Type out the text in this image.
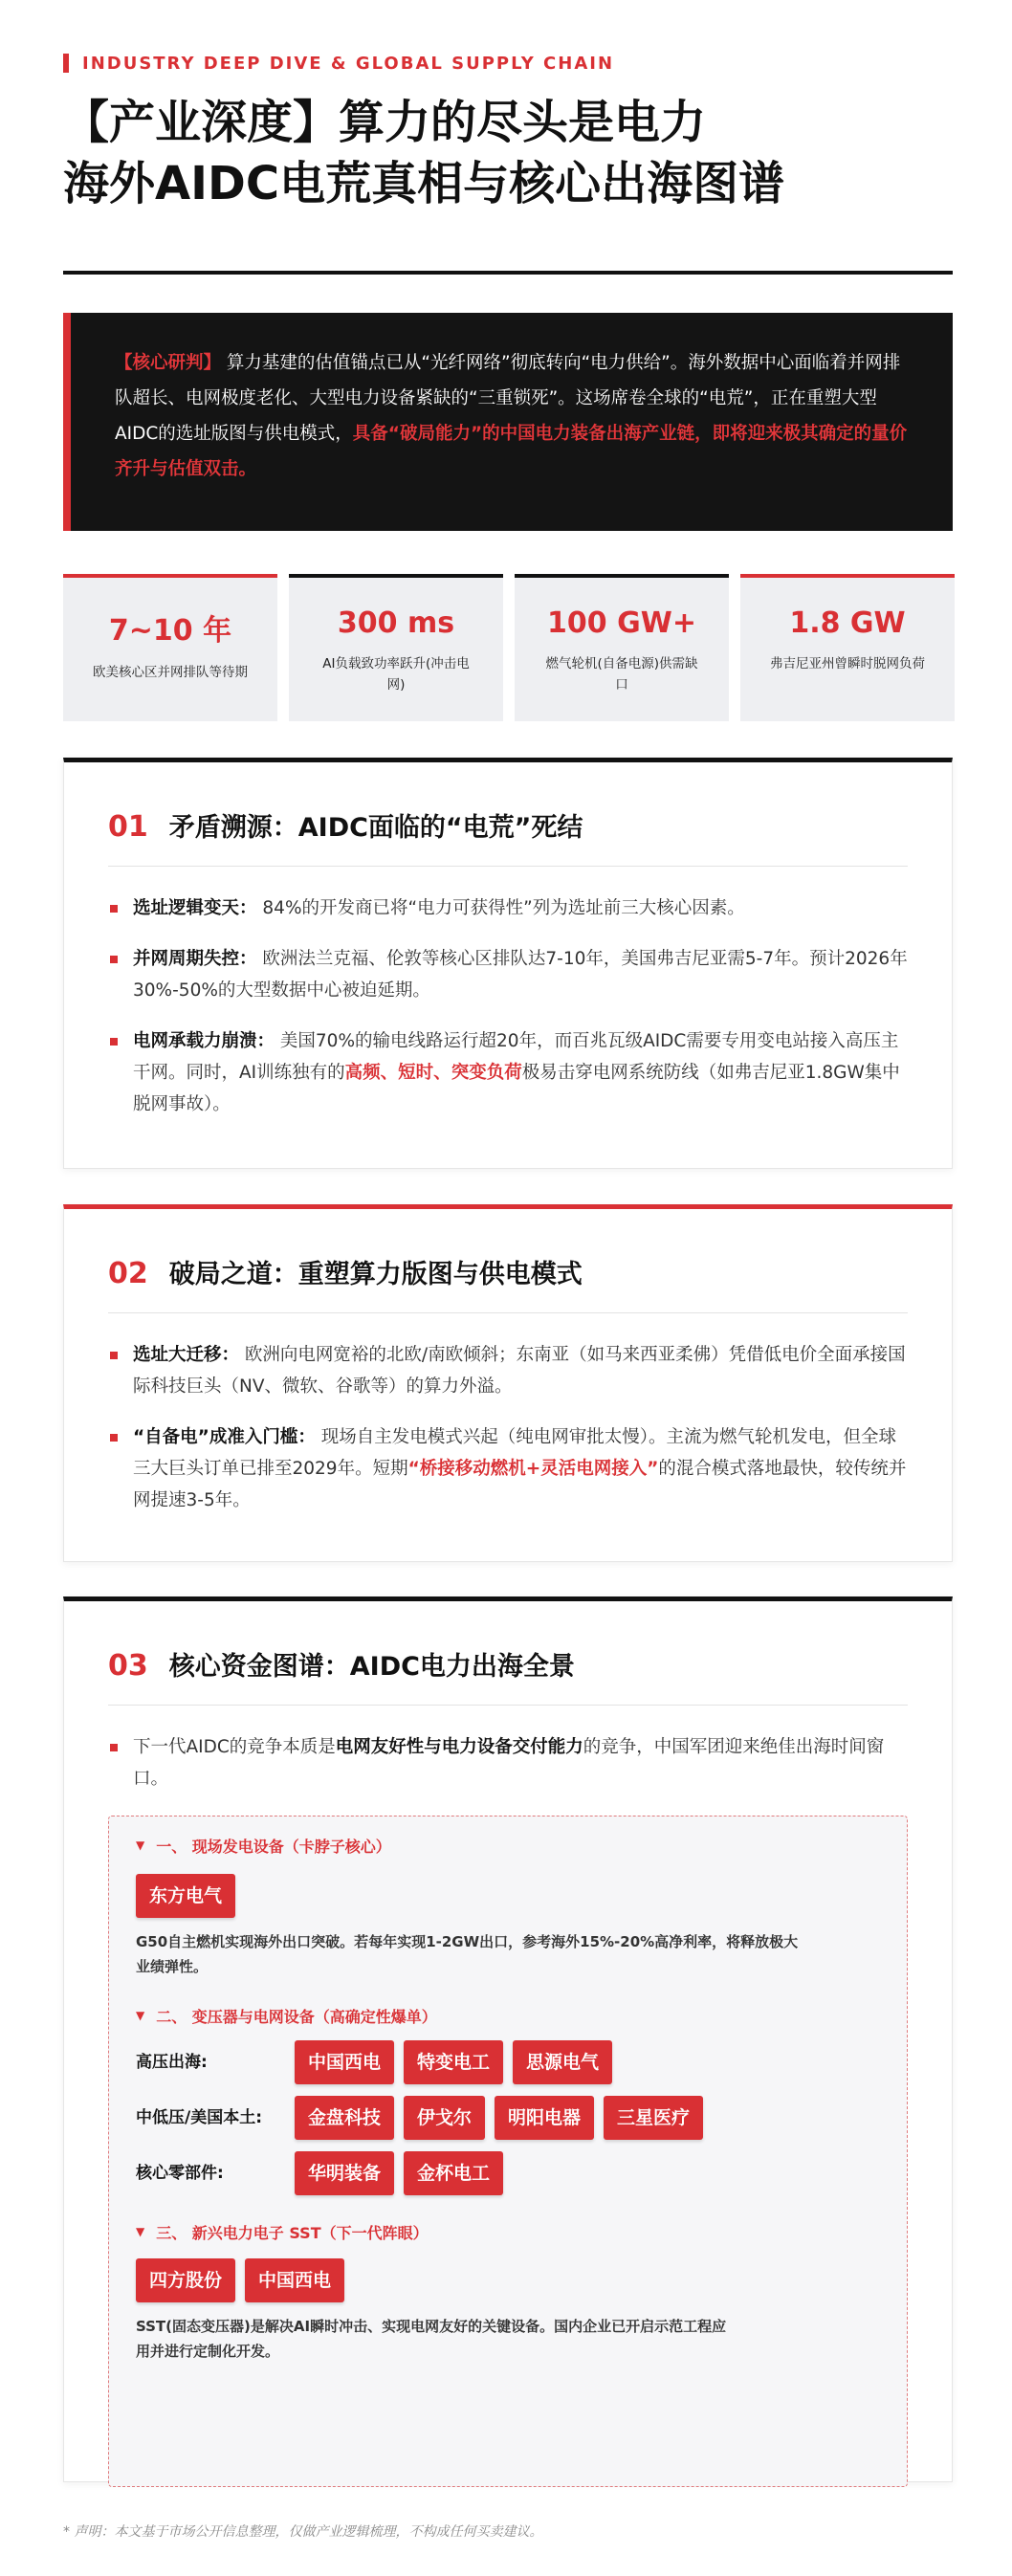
INDUSTRY DEEP DIVE & GLOBAL SUPPLY CHAIN
【产业深度】算力的尽头是电力
海外AIDC电荒真相与核心出海图谱

【核心研判】 算力基建的估值锚点已从“光纤网络”彻底转向“电力供给”。海外数据中心面临着并网排队超长、电网极度老化、大型电力设备紧缺的“三重锁死”。这场席卷全球的“电荒”，正在重塑大型AIDC的选址版图与供电模式，具备“破局能力”的中国电力装备出海产业链，即将迎来极其确定的量价齐升与估值双击。

7~10 年
欧美核心区并网排队等待期
300 ms
AI负载致功率跃升(冲击电网)
100 GW+
燃气轮机(自备电源)供需缺口
1.8 GW
弗吉尼亚州曾瞬时脱网负荷
01 矛盾溯源：AIDC面临的“电荒”死结
选址逻辑变天： 84%的开发商已将“电力可获得性”列为选址前三大核心因素。
并网周期失控： 欧洲法兰克福、伦敦等核心区排队达7-10年，美国弗吉尼亚需5-7年。预计2026年30%-50%的大型数据中心被迫延期。
电网承载力崩溃： 美国70%的输电线路运行超20年，而百兆瓦级AIDC需要专用变电站接入高压主干网。同时，AI训练独有的高频、短时、突变负荷极易击穿电网系统防线（如弗吉尼亚1.8GW集中脱网事故）。
02 破局之道：重塑算力版图与供电模式
选址大迁移： 欧洲向电网宽裕的北欧/南欧倾斜；东南亚（如马来西亚柔佛）凭借低电价全面承接国际科技巨头（NV、微软、谷歌等）的算力外溢。
“自备电”成准入门槛： 现场自主发电模式兴起（纯电网审批太慢）。主流为燃气轮机发电，但全球三大巨头订单已排至2029年。短期“桥接移动燃机+灵活电网接入”的混合模式落地最快，较传统并网提速3-5年。
03 核心资金图谱：AIDC电力出海全景
下一代AIDC的竞争本质是电网友好性与电力设备交付能力的竞争，中国军团迎来绝佳出海时间窗口。
▼ 一、 现场发电设备（卡脖子核心）
东方电气
G50自主燃机实现海外出口突破。若每年实现1-2GW出口，参考海外15%-20%高净利率，将释放极大业绩弹性。
▼ 二、 变压器与电网设备（高确定性爆单）
高压出海:	中国西电	特变电工	思源电气
中低压/美国本土:	金盘科技	伊戈尔	明阳电器	三星医疗
核心零部件:	华明装备	金杯电工
▼ 三、 新兴电力电子 SST（下一代阵眼）
四方股份	中国西电
SST(固态变压器)是解决AI瞬时冲击、实现电网友好的关键设备。国内企业已开启示范工程应用并进行定制化开发。
* 声明：本文基于市场公开信息整理，仅做产业逻辑梳理，不构成任何买卖建议。
